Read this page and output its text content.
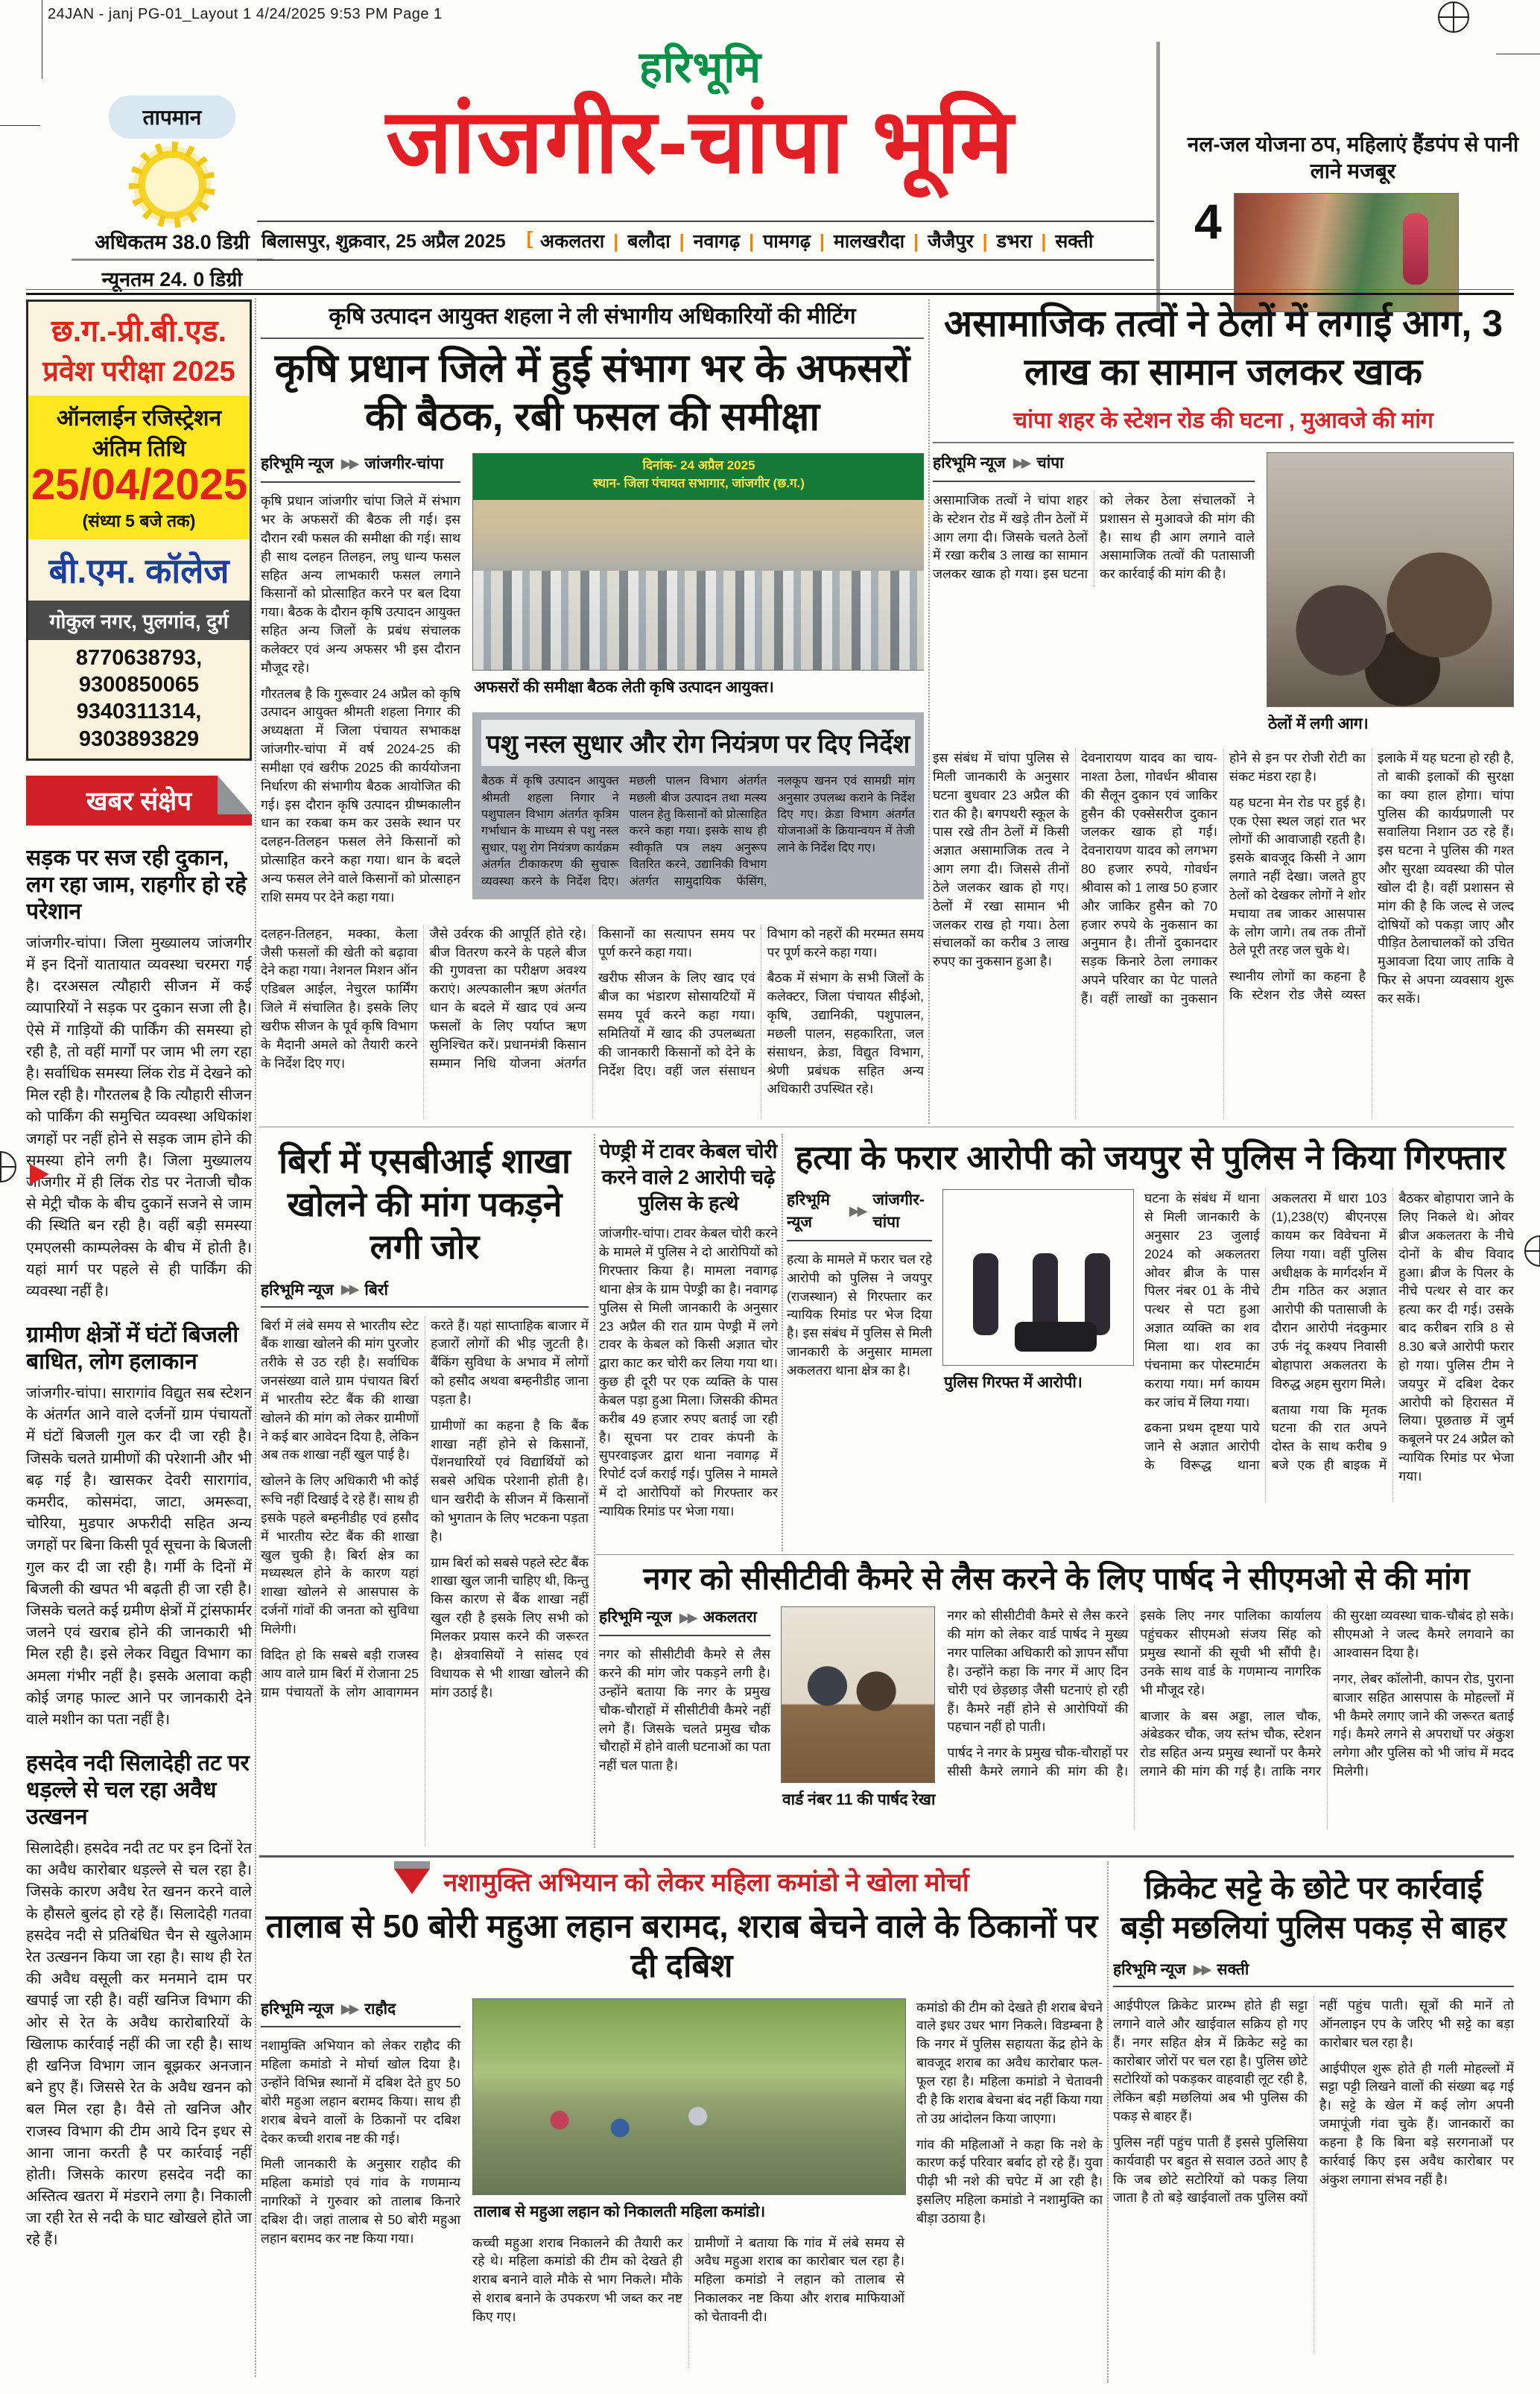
24JAN - janj PG-01_Layout 1 4/24/2025 9:53 PM Page 1
तापमान
अधिकतम 38.0 डिग्री
न्यूनतम 24. 0 डिग्री
हरिभूमि
जांजगीर-चांपा भूमि
बिलासपुर, शुक्रवार, 25 अप्रैल 2025 [ अकलतरा	| बलौदा	| नवागढ़	| पामगढ़	| मालखरौदा	| जैजैपुर	| डभरा	| सक्ती
नल-जल योजना ठप, महिलाएं हैंडपंप से पानी लाने मजबूर
4
छ.ग.-प्री.बी.एड.
प्रवेश परीक्षा 2025
ऑनलाईन रजिस्ट्रेशन
अंतिम तिथि
25/04/2025
(संध्या 5 बजे तक)
बी.एम. कॉलेज
गोकुल नगर, पुलगांव, दुर्ग
8770638793, 9300850065
9340311314, 9303893829
खबर संक्षेप
सड़क पर सज रही दुकान, लग रहा जाम, राहगीर हो रहे परेशान

जांजगीर-चांपा। जिला मुख्यालय जांजगीर में इन दिनों यातायात व्यवस्था चरमरा गई है। दरअसल त्यौहारी सीजन में कई व्यापारियों ने सड़क पर दुकान सजा ली है। ऐसे में गाड़ियों की पार्किंग की समस्या हो रही है, तो वहीं मार्गों पर जाम भी लग रहा है। सर्वाधिक समस्या लिंक रोड में देखने को मिल रही है। गौरतलब है कि त्यौहारी सीजन को पार्किंग की समुचित व्यवस्था अधिकांश जगहों पर नहीं होने से सड़क जाम होने की समस्या होने लगी है। जिला मुख्यालय जांजगीर में ही लिंक रोड पर नेताजी चौक से मेट्री चौक के बीच दुकानें सजने से जाम की स्थिति बन रही है। वहीं बड़ी समस्या एमएलसी काम्पलेक्स के बीच में होती है। यहां मार्ग पर पहले से ही पार्किंग की व्यवस्था नहीं है।

ग्रामीण क्षेत्रों में घंटों बिजली बाधित, लोग हलाकान

जांजगीर-चांपा। सारागांव विद्युत सब स्टेशन के अंतर्गत आने वाले दर्जनों ग्राम पंचायतों में घंटों बिजली गुल कर दी जा रही है। जिसके चलते ग्रामीणों की परेशानी और भी बढ़ गई है। खासकर देवरी सारागांव, कमरीद, कोसमंदा, जाटा, अमरूवा, चोरिया, मुडपार अफरीदी सहित अन्य जगहों पर बिना किसी पूर्व सूचना के बिजली गुल कर दी जा रही है। गर्मी के दिनों में बिजली की खपत भी बढ़ती ही जा रही है। जिसके चलते कई ग्रमीण क्षेत्रों में ट्रांसफार्मर जलने एवं खराब होने की जानकारी भी मिल रही है। इसे लेकर विद्युत विभाग का अमला गंभीर नहीं है। इसके अलावा कही कोई जगह फाल्ट आने पर जानकारी देने वाले मशीन का पता नहीं है।

हसदेव नदी सिलादेही तट पर धड़ल्ले से चल रहा अवैध उत्खनन

सिलादेही। हसदेव नदी तट पर इन दिनों रेत का अवैध कारोबार धड़ल्ले से चल रहा है। जिसके कारण अवैध रेत खनन करने वाले के हौसले बुलंद हो रहे हैं। सिलादेही गतवा हसदेव नदी से प्रतिबंधित चैन से खुलेआम रेत उत्खनन किया जा रहा है। साथ ही रेत की अवैध वसूली कर मनमाने दाम पर खपाई जा रही है। वहीं खनिज विभाग की ओर से रेत के अवैध कारोबारियों के खिलाफ कार्रवाई नहीं की जा रही है। साथ ही खनिज विभाग जान बूझकर अनजान बने हुए हैं। जिससे रेत के अवैध खनन को बल मिल रहा है। वैसे तो खनिज और राजस्व विभाग की टीम आये दिन इधर से आना जाना करती है पर कार्रवाई नहीं होती। जिसके कारण हसदेव नदी का अस्तित्व खतरा में मंडराने लगा है। निकाली जा रही रेत से नदी के घाट खोखले होते जा रहे हैं।

कृषि उत्पादन आयुक्त शहला ने ली संभागीय अधिकारियों की मीटिंग
कृषि प्रधान जिले में हुई संभाग भर के अफसरों की बैठक, रबी फसल की समीक्षा
हरिभूमि न्यूज ▶▶ जांजगीर-चांपा

कृषि प्रधान जांजगीर चांपा जिले में संभाग भर के अफसरों की बैठक ली गई। इस दौरान रबी फसल की समीक्षा की गई। साथ ही साथ दलहन तिलहन, लघु धान्य फसल सहित अन्य लाभकारी फसल लगाने किसानों को प्रोत्साहित करने पर बल दिया गया। बैठक के दौरान कृषि उत्पादन आयुक्त सहित अन्य जिलों के प्रबंध संचालक कलेक्टर एवं अन्य अफसर भी इस दौरान मौजूद रहे।

गौरतलब है कि गुरूवार 24 अप्रैल को कृषि उत्पादन आयुक्त श्रीमती शहला निगार की अध्यक्षता में जिला पंचायत सभाकक्ष जांजगीर-चांपा में वर्ष 2024-25 की समीक्षा एवं खरीफ 2025 की कार्ययोजना निर्धारण की संभागीय बैठक आयोजित की गई। इस दौरान कृषि उत्पादन ग्रीष्मकालीन धान का रकबा कम कर उसके स्थान पर दलहन-तिलहन फसल लेने किसानों को प्रोत्साहित करने कहा गया। धान के बदले अन्य फसल लेने वाले किसानों को प्रोत्साहन राशि समय पर देने कहा गया।

दिनांक- 24 अप्रैल 2025
स्थान- जिला पंचायत सभागार, जांजगीर (छ.ग.)
अफसरों की समीक्षा बैठक लेती कृषि उत्पादन आयुक्त।
पशु नस्ल सुधार और रोग नियंत्रण पर दिए निर्देश
बैठक में कृषि उत्पादन आयुक्त श्रीमती शहला निगार ने पशुपालन विभाग अंतर्गत कृत्रिम गर्भाधान के माध्यम से पशु नस्ल सुधार, पशु रोग नियंत्रण कार्यक्रम अंतर्गत टीकाकरण की सुचारू व्यवस्था करने के निर्देश दिए। मछली पालन विभाग अंतर्गत मछली बीज उत्पादन तथा मत्स्य पालन हेतु किसानों को प्रोत्साहित करने कहा गया। इसके साथ ही स्वीकृति पत्र लक्ष्य अनुरूप वितरित करने, उद्यानिकी विभाग अंतर्गत सामुदायिक फेंसिंग, नलकूप खनन एवं सामग्री मांग अनुसार उपलब्ध कराने के निर्देश दिए गए। क्रेडा विभाग अंतर्गत योजनाओं के क्रियान्वयन में तेजी लाने के निर्देश दिए गए।

दलहन-तिलहन, मक्का, केला जैसी फसलों की खेती को बढ़ावा देने कहा गया। नेशनल मिशन ऑन एडिबल आईल, नेचुरल फार्मिंग जिले में संचालित है। इसके लिए खरीफ सीजन के पूर्व कृषि विभाग के मैदानी अमले को तैयारी करने के निर्देश दिए गए।

जैसे उर्वरक की आपूर्ति होते रहे। बीज वितरण करने के पहले बीज की गुणवत्ता का परीक्षण अवश्य कराएं। अल्पकालीन ऋण अंतर्गत धान के बदले में खाद एवं अन्य फसलों के लिए पर्याप्त ऋण सुनिश्चित करें। प्रधानमंत्री किसान सम्मान निधि योजना अंतर्गत किसानों का सत्यापन समय पर पूर्ण करने कहा गया।

खरीफ सीजन के लिए खाद एवं बीज का भंडारण सोसायटियों में समय पूर्व करने कहा गया। समितियों में खाद की उपलब्धता की जानकारी किसानों को देने के निर्देश दिए। वहीं जल संसाधन विभाग को नहरों की मरम्मत समय पर पूर्ण करने कहा गया।

बैठक में संभाग के सभी जिलों के कलेक्टर, जिला पंचायत सीईओ, कृषि, उद्यानिकी, पशुपालन, मछली पालन, सहकारिता, जल संसाधन, क्रेडा, विद्युत विभाग, श्रेणी प्रबंधक सहित अन्य अधिकारी उपस्थित रहे।

असामाजिक तत्वों ने ठेलों में लगाई आग, 3 लाख का सामान जलकर खाक
चांपा शहर के स्टेशन रोड की घटना , मुआवजे की मांग
हरिभूमि न्यूज ▶▶ चांपा

असामाजिक तत्वों ने चांपा शहर के स्टेशन रोड में खड़े तीन ठेलों में आग लगा दी। जिसके चलते ठेलों में रखा करीब 3 लाख का सामान जलकर खाक हो गया। इस घटना को लेकर ठेला संचालकों ने प्रशासन से मुआवजे की मांग की है। साथ ही आग लगाने वाले असामाजिक तत्वों की पतासाजी कर कार्रवाई की मांग की है।

ठेलों में लगी आग।

इस संबंध में चांपा पुलिस से मिली जानकारी के अनुसार घटना बुधवार 23 अप्रैल की रात की है। बगपथरी स्कूल के पास रखे तीन ठेलों में किसी अज्ञात असामाजिक तत्व ने आग लगा दी। जिससे तीनों ठेले जलकर खाक हो गए। ठेलों में रखा सामान भी जलकर राख हो गया। ठेला संचालकों का करीब 3 लाख रुपए का नुकसान हुआ है।

देवनारायण यादव का चाय-नाश्ता ठेला, गोवर्धन श्रीवास की सैलून दुकान एवं जाकिर हुसैन की एक्सेसरीज दुकान जलकर खाक हो गई। देवनारायण यादव को लगभग 80 हजार रुपये, गोवर्धन श्रीवास को 1 लाख 50 हजार और जाकिर हुसैन को 70 हजार रुपये के नुकसान का अनुमान है। तीनों दुकानदार सड़क किनारे ठेला लगाकर अपने परिवार का पेट पालते हैं। वहीं लाखों का नुकसान होने से इन पर रोजी रोटी का संकट मंडरा रहा है।

यह घटना मेन रोड पर हुई है। एक ऐसा स्थल जहां रात भर लोगों की आवाजाही रहती है। इसके बावजूद किसी ने आग लगाते नहीं देखा। जलते हुए ठेलों को देखकर लोगों ने शोर मचाया तब जाकर आसपास के लोग जागे। तब तक तीनों ठेले पूरी तरह जल चुके थे।

स्थानीय लोगों का कहना है कि स्टेशन रोड जैसे व्यस्त इलाके में यह घटना हो रही है, तो बाकी इलाकों की सुरक्षा का क्या हाल होगा। चांपा पुलिस की कार्यप्रणाली पर सवालिया निशान उठ रहे हैं। इस घटना ने पुलिस की गश्त और सुरक्षा व्यवस्था की पोल खोल दी है। वहीं प्रशासन से मांग की है कि जल्द से जल्द दोषियों को पकड़ा जाए और पीड़ित ठेलाचालकों को उचित मुआवजा दिया जाए ताकि वे फिर से अपना व्यवसाय शुरू कर सकें।

बिर्रा में एसबीआई शाखा खोलने की मांग पकड़ने लगी जोर
हरिभूमि न्यूज ▶▶ बिर्रा

बिर्रा में लंबे समय से भारतीय स्टेट बैंक शाखा खोलने की मांग पुरजोर तरीके से उठ रही है। सर्वाधिक जनसंख्या वाले ग्राम पंचायत बिर्रा में भारतीय स्टेट बैंक की शाखा खोलने की मांग को लेकर ग्रामीणों ने कई बार आवेदन दिया है, लेकिन अब तक शाखा नहीं खुल पाई है।

खोलने के लिए अधिकारी भी कोई रूचि नहीं दिखाई दे रहे हैं। साथ ही इसके पहले बम्हनीडीह एवं हसौद में भारतीय स्टेट बैंक की शाखा खुल चुकी है। बिर्रा क्षेत्र का मध्यस्थल होने के कारण यहां शाखा खोलने से आसपास के दर्जनों गांवों की जनता को सुविधा मिलेगी।

विदित हो कि सबसे बड़ी राजस्व आय वाले ग्राम बिर्रा में रोजाना 25 ग्राम पंचायतों के लोग आवागमन करते हैं। यहां साप्ताहिक बाजार में हजारों लोगों की भीड़ जुटती है। बैंकिंग सुविधा के अभाव में लोगों को हसौद अथवा बम्हनीडीह जाना पड़ता है।

ग्रामीणों का कहना है कि बैंक शाखा नहीं होने से किसानों, पेंशनधारियों एवं विद्यार्थियों को सबसे अधिक परेशानी होती है। धान खरीदी के सीजन में किसानों को भुगतान के लिए भटकना पड़ता है।

ग्राम बिर्रा को सबसे पहले स्टेट बैंक शाखा खुल जानी चाहिए थी, किन्तु किस कारण से बैंक शाखा नहीं खुल रही है इसके लिए सभी को मिलकर प्रयास करने की जरूरत है। क्षेत्रवासियों ने सांसद एवं विधायक से भी शाखा खोलने की मांग उठाई है।

पेण्ड्री में टावर केबल चोरी करने वाले 2 आरोपी चढ़े पुलिस के हत्थे

जांजगीर-चांपा। टावर केबल चोरी करने के मामले में पुलिस ने दो आरोपियों को गिरफ्तार किया है। मामला नवागढ़ थाना क्षेत्र के ग्राम पेण्ड्री का है। नवागढ़ पुलिस से मिली जानकारी के अनुसार 23 अप्रैल की रात ग्राम पेण्ड्री में लगे टावर के केबल को किसी अज्ञात चोर द्वारा काट कर चोरी कर लिया गया था। कुछ ही दूरी पर एक व्यक्ति के पास केबल पड़ा हुआ मिला। जिसकी कीमत करीब 49 हजार रुपए बताई जा रही है। सूचना पर टावर कंपनी के सुपरवाइजर द्वारा थाना नवागढ़ में रिपोर्ट दर्ज कराई गई। पुलिस ने मामले में दो आरोपियों को गिरफ्तार कर न्यायिक रिमांड पर भेजा गया।

हत्या के फरार आरोपी को जयपुर से पुलिस ने किया गिरफ्तार
हरिभूमि न्यूज
▶▶
जांजगीर-चांपा

हत्या के मामले में फरार चल रहे आरोपी को पुलिस ने जयपुर (राजस्थान) से गिरफ्तार कर न्यायिक रिमांड पर भेज दिया है। इस संबंध में पुलिस से मिली जानकारी के अनुसार मामला अकलतरा थाना क्षेत्र का है।

पुलिस गिरफ्त में आरोपी।

घटना के संबंध में थाना से मिली जानकारी के अनुसार 23 जुलाई 2024 को अकलतरा ओवर ब्रीज के पास पिलर नंबर 01 के नीचे पत्थर से पटा हुआ अज्ञात व्यक्ति का शव मिला था। शव का पंचनामा कर पोस्टमार्टम कराया गया। मर्ग कायम कर जांच में लिया गया।

ढकना प्रथम दृष्टया पाये जाने से अज्ञात आरोपी के विरूद्ध थाना अकलतरा में धारा 103 (1),238(ए) बीएनएस कायम कर विवेचना में लिया गया। वहीं पुलिस अधीक्षक के मार्गदर्शन में टीम गठित कर अज्ञात आरोपी की पतासाजी के दौरान आरोपी नंदकुमार उर्फ नंदू कश्यप निवासी बोहापारा अकलतरा के विरुद्ध अहम सुराग मिले।

बताया गया कि मृतक घटना की रात अपने दोस्त के साथ करीब 9 बजे एक ही बाइक में बैठकर बोहापारा जाने के लिए निकले थे। ओवर ब्रीज अकलतरा के नीचे दोनों के बीच विवाद हुआ। ब्रीज के पिलर के नीचे पत्थर से वार कर हत्या कर दी गई। उसके बाद करीबन रात्रि 8 से 8.30 बजे आरोपी फरार हो गया। पुलिस टीम ने जयपुर में दबिश देकर आरोपी को हिरासत में लिया। पूछताछ में जुर्म कबूलने पर 24 अप्रैल को न्यायिक रिमांड पर भेजा गया।

नगर को सीसीटीवी कैमरे से लैस करने के लिए पार्षद ने सीएमओ से की मांग
हरिभूमि न्यूज ▶▶ अकलतरा

नगर को सीसीटीवी कैमरे से लैस करने की मांग जोर पकड़ने लगी है। उन्होंने बताया कि नगर के प्रमुख चौक-चौराहों में सीसीटीवी कैमरे नहीं लगे हैं। जिसके चलते प्रमुख चौक चौराहों में होने वाली घटनाओं का पता नहीं चल पाता है।

वार्ड नंबर 11 की पार्षद रेखा

नगर को सीसीटीवी कैमरे से लैस करने की मांग को लेकर वार्ड पार्षद ने मुख्य नगर पालिका अधिकारी को ज्ञापन सौंपा है। उन्होंने कहा कि नगर में आए दिन चोरी एवं छेड़छाड़ जैसी घटनाएं हो रही हैं। कैमरे नहीं होने से आरोपियों की पहचान नहीं हो पाती।

पार्षद ने नगर के प्रमुख चौक-चौराहों पर सीसी कैमरे लगाने की मांग की है। इसके लिए नगर पालिका कार्यालय पहुंचकर सीएमओ संजय सिंह को प्रमुख स्थानों की सूची भी सौंपी है। उनके साथ वार्ड के गणमान्य नागरिक भी मौजूद रहे।

बाजार के बस अड्डा, लाल चौक, अंबेडकर चौक, जय स्तंभ चौक, स्टेशन रोड सहित अन्य प्रमुख स्थानों पर कैमरे लगाने की मांग की गई है। ताकि नगर की सुरक्षा व्यवस्था चाक-चौबंद हो सके। सीएमओ ने जल्द कैमरे लगवाने का आश्वासन दिया है।

नगर, लेबर कॉलोनी, कापन रोड, पुराना बाजार सहित आसपास के मोहल्लों में भी कैमरे लगाए जाने की जरूरत बताई गई। कैमरे लगने से अपराधों पर अंकुश लगेगा और पुलिस को भी जांच में मदद मिलेगी।

नशामुक्ति अभियान को लेकर महिला कमांडो ने खोला मोर्चा
तालाब से 50 बोरी महुआ लहान बरामद, शराब बेचने वाले के ठिकानों पर दी दबिश
हरिभूमि न्यूज ▶▶ राहौद

नशामुक्ति अभियान को लेकर राहौद की महिला कमांडो ने मोर्चा खोल दिया है। उन्होंने विभिन्न स्थानों में दबिश देते हुए 50 बोरी महुआ लहान बरामद किया। साथ ही शराब बेचने वालों के ठिकानों पर दबिश देकर कच्ची शराब नष्ट की गई।

मिली जानकारी के अनुसार राहौद की महिला कमांडो एवं गांव के गणमान्य नागरिकों ने गुरुवार को तालाब किनारे दबिश दी। जहां तालाब से 50 बोरी महुआ लहान बरामद कर नष्ट किया गया।

तालाब से महुआ लहान को निकालती महिला कमांडो।

कच्ची महुआ शराब निकालने की तैयारी कर रहे थे। महिला कमांडो की टीम को देखते ही शराब बनाने वाले मौके से भाग निकले। मौके से शराब बनाने के उपकरण भी जब्त कर नष्ट किए गए।

ग्रामीणों ने बताया कि गांव में लंबे समय से अवैध महुआ शराब का कारोबार चल रहा है। महिला कमांडो ने लहान को तालाब से निकालकर नष्ट किया और शराब माफियाओं को चेतावनी दी।

कमांडो की टीम को देखते ही शराब बेचने वाले इधर उधर भाग निकले। विडम्बना है कि नगर में पुलिस सहायता केंद्र होने के बावजूद शराब का अवैध कारोबार फल-फूल रहा है। महिला कमांडो ने चेतावनी दी है कि शराब बेचना बंद नहीं किया गया तो उग्र आंदोलन किया जाएगा।

गांव की महिलाओं ने कहा कि नशे के कारण कई परिवार बर्बाद हो रहे हैं। युवा पीढ़ी भी नशे की चपेट में आ रही है। इसलिए महिला कमांडो ने नशामुक्ति का बीड़ा उठाया है।

क्रिकेट सट्टे के छोटे पर कार्रवाई
बड़ी मछलियां पुलिस पकड़ से बाहर
हरिभूमि न्यूज ▶▶ सक्ती

आईपीएल क्रिकेट प्रारम्भ होते ही सट्टा लगाने वाले और खाईवाल सक्रिय हो गए हैं। नगर सहित क्षेत्र में क्रिकेट सट्टे का कारोबार जोरों पर चल रहा है। पुलिस छोटे सटोरियों को पकड़कर वाहवाही लूट रही है, लेकिन बड़ी मछलियां अब भी पुलिस की पकड़ से बाहर हैं।

पुलिस नहीं पहुंच पाती हैं इससे पुलिसिया कार्यवाही पर बहुत से सवाल उठते आए है कि जब छोटे सटोरियों को पकड़ लिया जाता है तो बड़े खाईवालों तक पुलिस क्यों नहीं पहुंच पाती। सूत्रों की मानें तो ऑनलाइन एप के जरिए भी सट्टे का बड़ा कारोबार चल रहा है।

आईपीएल शुरू होते ही गली मोहल्लों में सट्टा पट्टी लिखने वालों की संख्या बढ़ गई है। सट्टे के खेल में कई लोग अपनी जमापूंजी गंवा चुके हैं। जानकारों का कहना है कि बिना बड़े सरगनाओं पर कार्रवाई किए इस अवैध कारोबार पर अंकुश लगाना संभव नहीं है।
